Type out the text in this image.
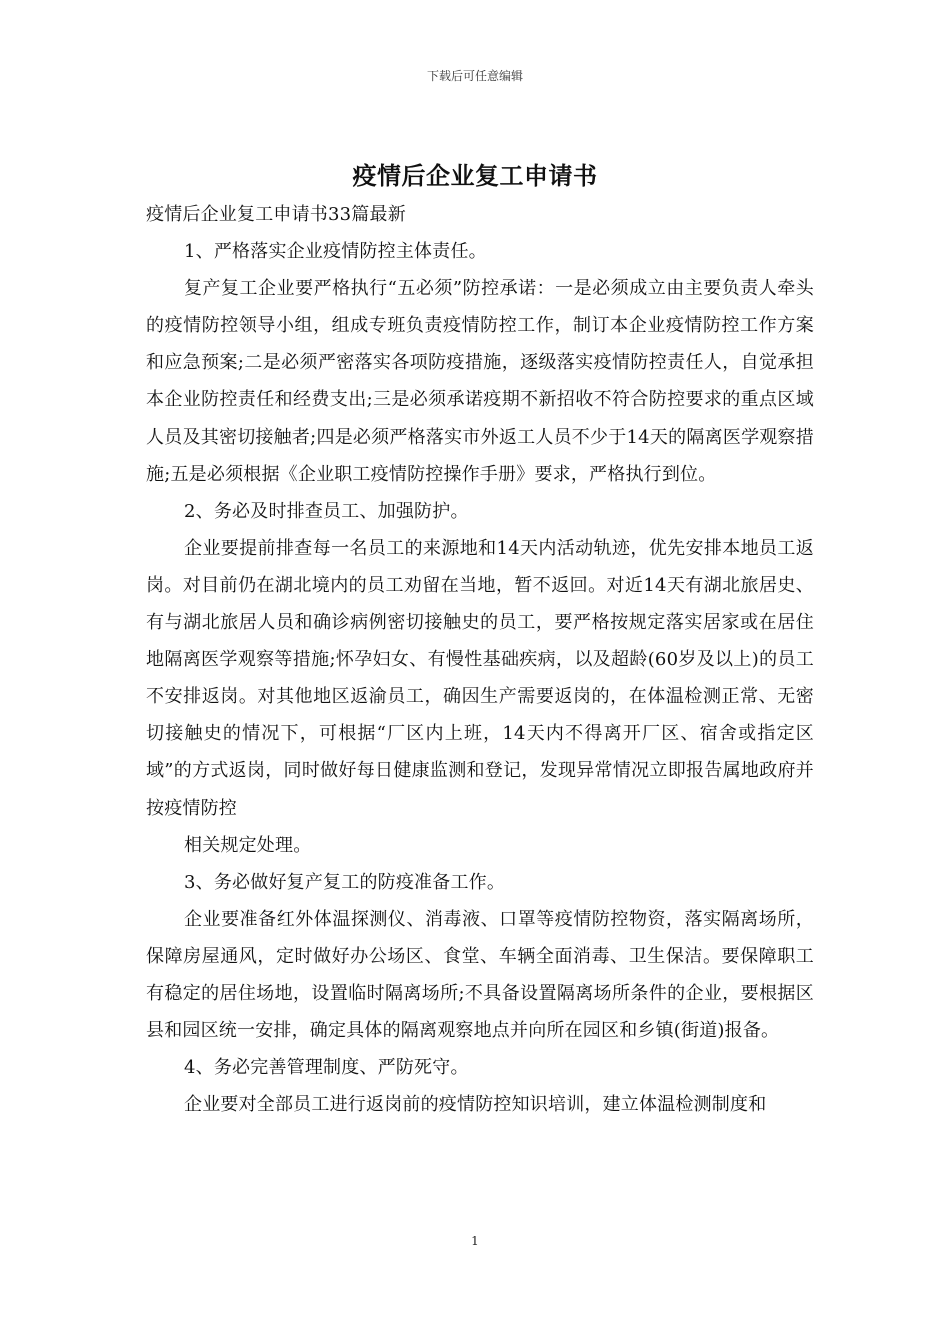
下载后可任意编辑
疫情后企业复工申请书

疫情后企业复工申请书33篇最新

1、严格落实企业疫情防控主体责任。

复产复工企业要严格执行“五必须”防控承诺：一是必须成立由主要负责人牵头的疫情防控领导小组，组成专班负责疫情防控工作，制订本企业疫情防控工作方案和应急预案;二是必须严密落实各项防疫措施，逐级落实疫情防控责任人，自觉承担本企业防控责任和经费支出;三是必须承诺疫期不新招收不符合防控要求的重点区域人员及其密切接触者;四是必须严格落实市外返工人员不少于14天的隔离医学观察措施;五是必须根据《企业职工疫情防控操作手册》要求，严格执行到位。

2、务必及时排查员工、加强防护。

企业要提前排查每一名员工的来源地和14天内活动轨迹，优先安排本地员工返岗。对目前仍在湖北境内的员工劝留在当地，暂不返回。对近14天有湖北旅居史、有与湖北旅居人员和确诊病例密切接触史的员工，要严格按规定落实居家或在居住地隔离医学观察等措施;怀孕妇女、有慢性基础疾病，以及超龄(60岁及以上)的员工不安排返岗。对其他地区返渝员工，确因生产需要返岗的，在体温检测正常、无密切接触史的情况下，可根据“厂区内上班，14天内不得离开厂区、宿舍或指定区域”的方式返岗，同时做好每日健康监测和登记，发现异常情况立即报告属地政府并按疫情防控

相关规定处理。

3、务必做好复产复工的防疫准备工作。

企业要准备红外体温探测仪、消毒液、口罩等疫情防控物资，落实隔离场所，保障房屋通风，定时做好办公场区、食堂、车辆全面消毒、卫生保洁。要保障职工有稳定的居住场地，设置临时隔离场所;不具备设置隔离场所条件的企业，要根据区县和园区统一安排，确定具体的隔离观察地点并向所在园区和乡镇(街道)报备。

4、务必完善管理制度、严防死守。

企业要对全部员工进行返岗前的疫情防控知识培训，建立体温检测制度和

1
